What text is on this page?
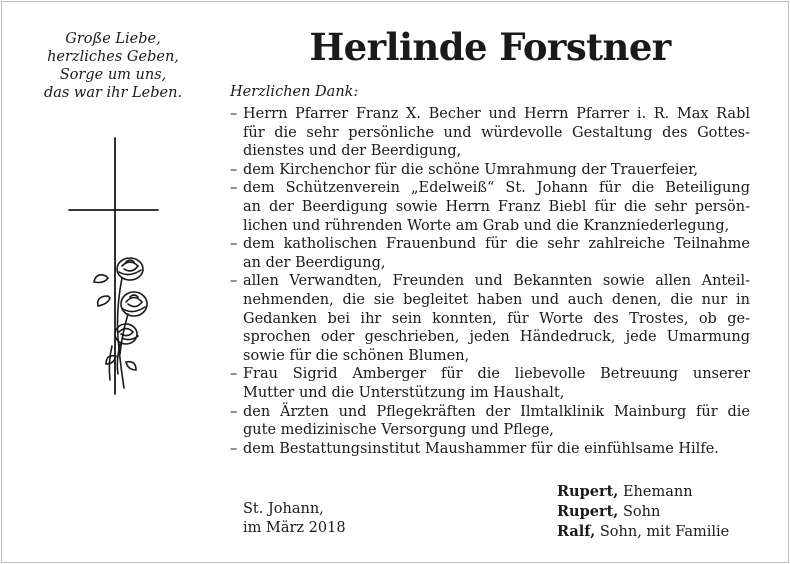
Große Liebe,
herzliches Geben,
Sorge um uns,
das war ihr Leben.
Herlinde Forstner
Herzlichen Dank:
– Herrn Pfarrer Franz X. Becher und Herrn Pfarrer i. R. Max Rabl
für die sehr persönliche und würdevolle Gestaltung des Gottes-
dienstes und der Beerdigung,
– dem Kirchenchor für die schöne Umrahmung der Trauerfeier,
– dem Schützenverein „Edelweiß“ St. Johann für die Beteiligung
an der Beerdigung sowie Herrn Franz Biebl für die sehr persön-
lichen und rührenden Worte am Grab und die Kranzniederlegung,
– dem katholischen Frauenbund für die sehr zahlreiche Teilnahme
an der Beerdigung,
– allen Verwandten, Freunden und Bekannten sowie allen Anteil-
nehmenden, die sie begleitet haben und auch denen, die nur in
Gedanken bei ihr sein konnten, für Worte des Trostes, ob ge-
sprochen oder geschrieben, jeden Händedruck, jede Umarmung
sowie für die schönen Blumen,
– Frau Sigrid Amberger für die liebevolle Betreuung unserer
Mutter und die Unterstützung im Haushalt,
– den Ärzten und Pflegekräften der Ilmtalklinik Mainburg für die
gute medizinische Versorgung und Pflege,
– dem Bestattungsinstitut Maushammer für die einfühlsame Hilfe.
St. Johann,
im März 2018
Rupert, Ehemann
Rupert, Sohn
Ralf, Sohn, mit Familie
